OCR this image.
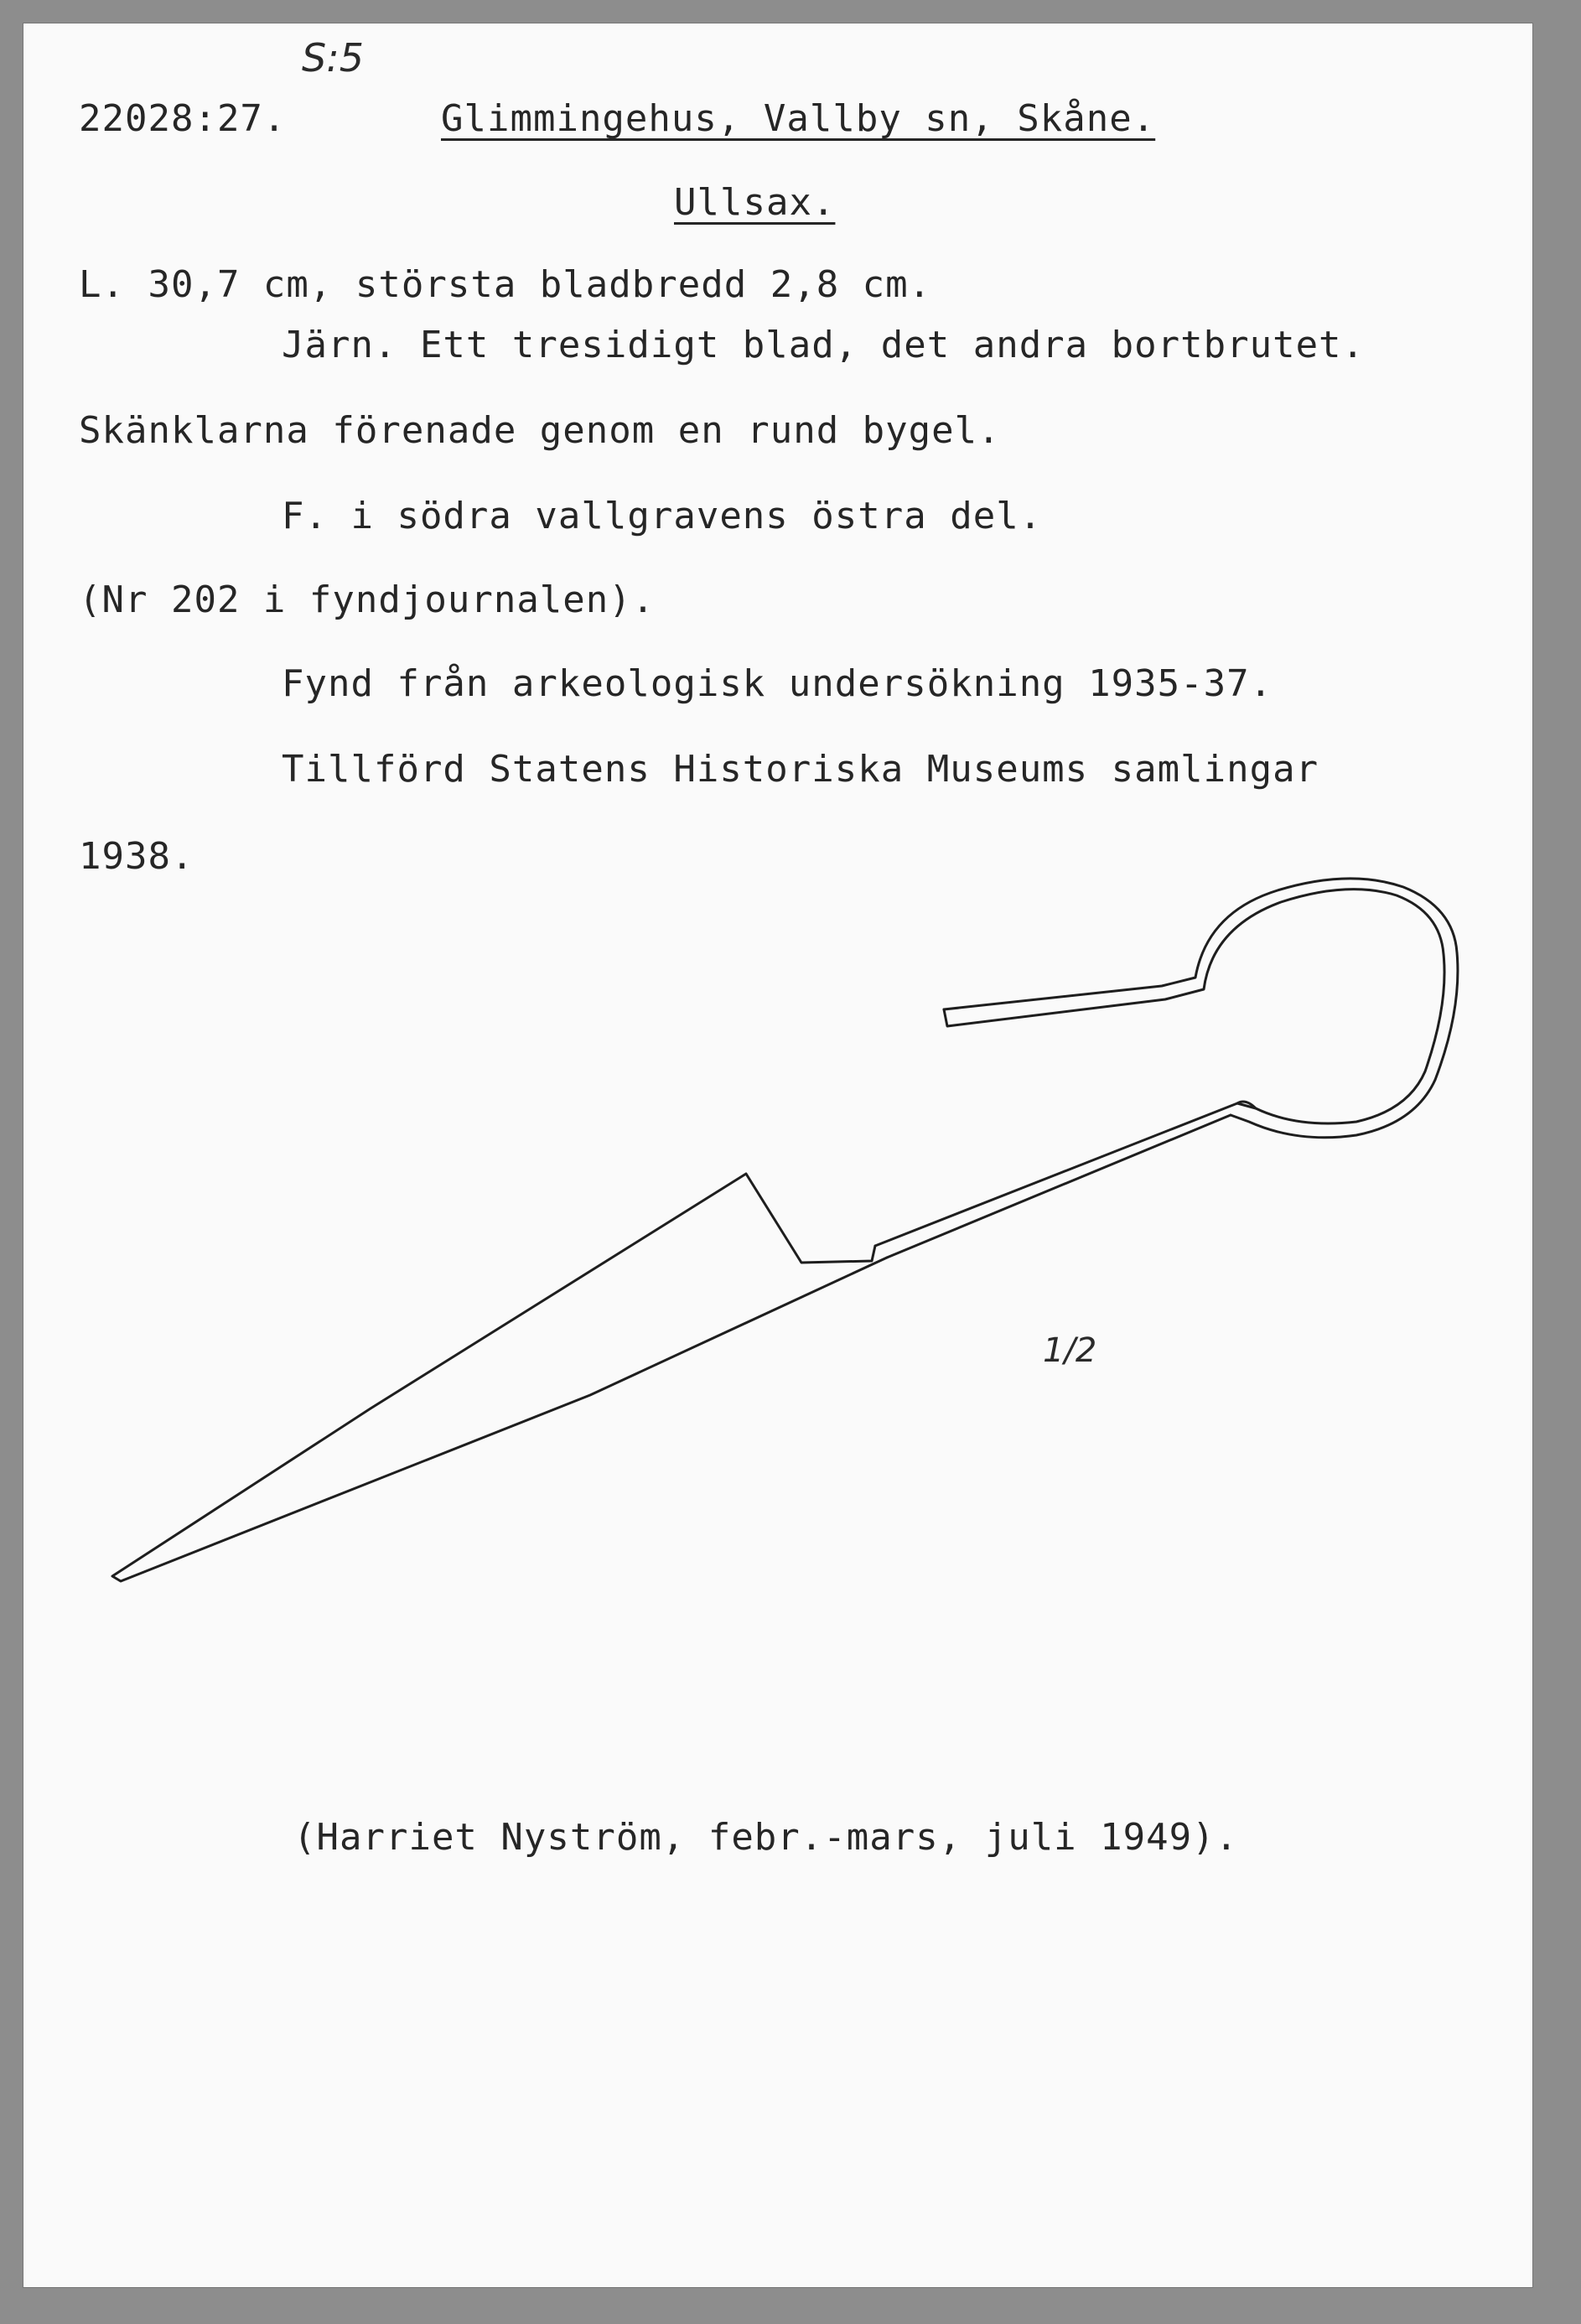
S:5
22028:27.	Glimmingehus, Vallby sn, Skåne.
Ullsax.
L. 30,7 cm, största bladbredd 2,8 cm.
Järn. Ett tresidigt blad, det andra bortbrutet.
Skänklarna förenade genom en rund bygel.
F. i södra vallgravens östra del.
(Nr 202 i fyndjournalen).
Fynd från arkeologisk undersökning 1935-37.
Tillförd Statens Historiska Museums samlingar
1938.
1/2
(Harriet Nyström, febr.-mars, juli 1949).
